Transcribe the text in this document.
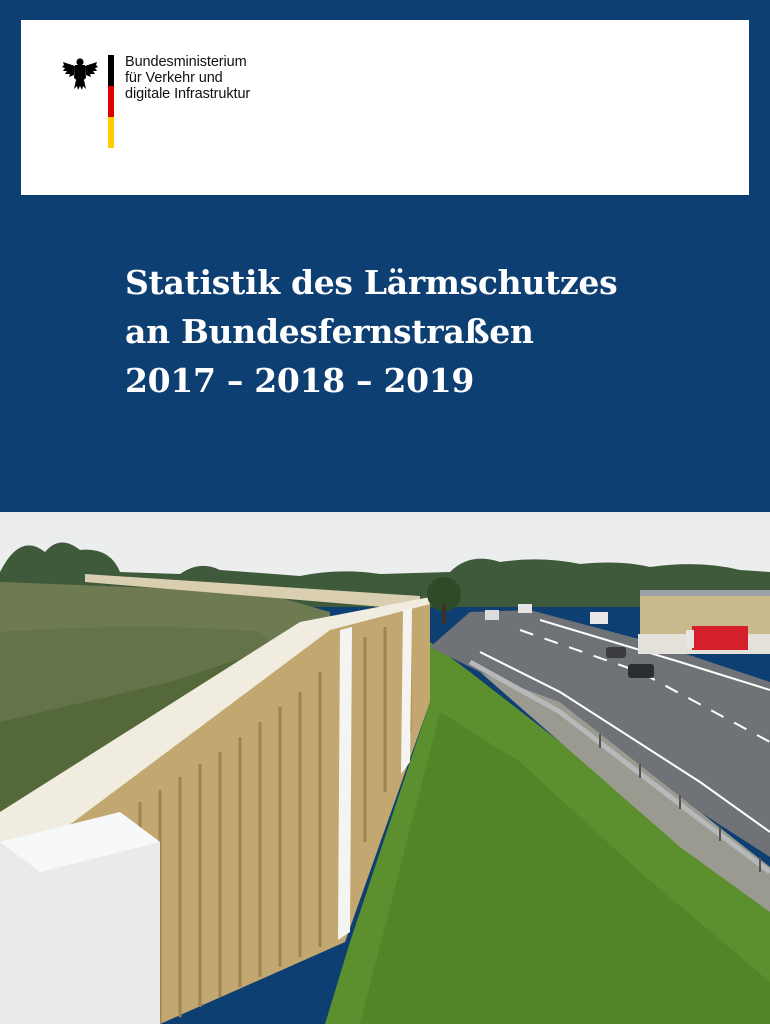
Bundesministerium
für Verkehr und
digitale Infrastruktur
Statistik des Lärmschutzes
an Bundesfernstraßen
2017 – 2018 – 2019
